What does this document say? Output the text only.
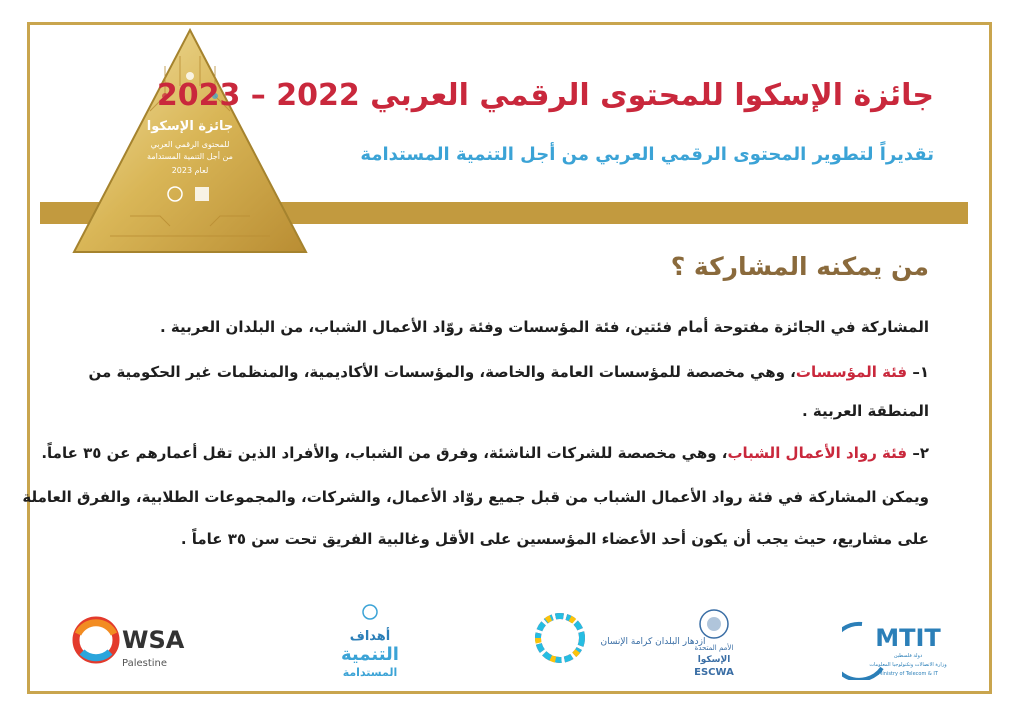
جائزة الإسكوا
للمحتوى الرقمي العربي
من أجل التنمية المستدامة
لعام 2023
جائزة الإسكوا للمحتوى الرقمي العربي 2022 – 2023
تقديراً لتطوير المحتوى الرقمي العربي من أجل التنمية المستدامة
من يمكنه المشاركة ؟
المشاركة في الجائزة مفتوحة أمام فئتين، فئة المؤسسات وفئة روّاد الأعمال الشباب، من البلدان العربية .
١– فئة المؤسسات، وهي مخصصة للمؤسسات العامة والخاصة، والمؤسسات الأكاديمية، والمنظمات غير الحكومية من
المنطقة العربية .
٢– فئة رواد الأعمال الشباب، وهي مخصصة للشركات الناشئة، وفرق من الشباب، والأفراد الذين تقل أعمارهم عن ٣٥ عاماً.
ويمكن المشاركة في فئة رواد الأعمال الشباب من قبل جميع روّاد الأعمال، والشركات، والمجموعات الطلابية، والفرق العاملة
على مشاريع، حيث يجب أن يكون أحد الأعضاء المؤسسين على الأقل وغالبية الفريق تحت سن ٣٥ عاماً .
WSA
Palestine
أهداف
التنمية
المستدامة
ازدهار البلدان كرامة الإنسان
الأمم المتحدة
الإسكوا
ESCWA
MTIT
دولة فلسطين
وزارة الاتصالات وتكنولوجيا المعلومات
Ministry of Telecom & IT
